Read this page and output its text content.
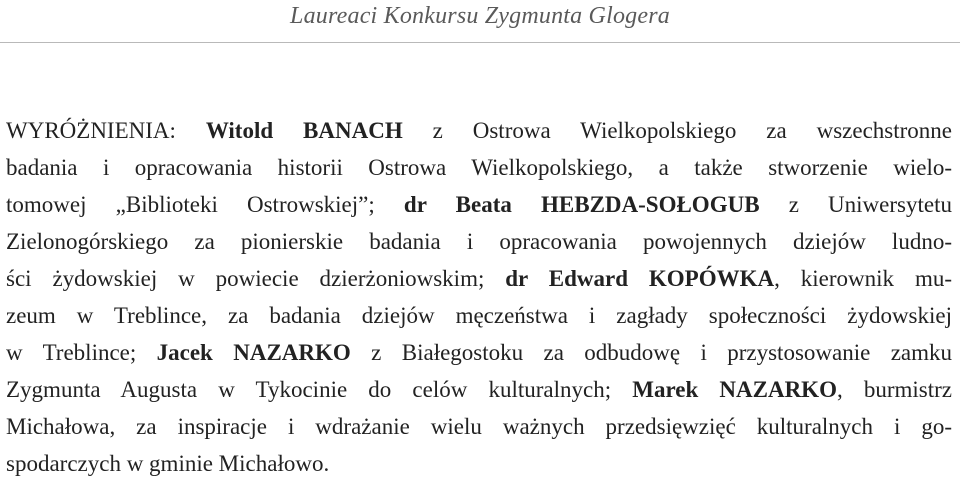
Laureaci Konkursu Zygmunta Glogera
WYRÓŻNIENIA: Witold BANACH z Ostrowa Wielkopolskiego za wszechstronne
badania i opracowania historii Ostrowa Wielkopolskiego, a także stworzenie wielo-
tomowej „Biblioteki Ostrowskiej”; dr Beata HEBZDA-SOŁOGUB z Uniwersytetu
Zielonogórskiego za pionierskie badania i opracowania powojennych dziejów ludno-
ści żydowskiej w powiecie dzierżoniowskim; dr Edward KOPÓWKA, kierownik mu-
zeum w Treblince, za badania dziejów męczeństwa i zagłady społeczności żydowskiej
w Treblince; Jacek NAZARKO z Białegostoku za odbudowę i przystosowanie zamku
Zygmunta Augusta w Tykocinie do celów kulturalnych; Marek NAZARKO, burmistrz
Michałowa, za inspiracje i wdrażanie wielu ważnych przedsięwzięć kulturalnych i go-
spodarczych w gminie Michałowo.
